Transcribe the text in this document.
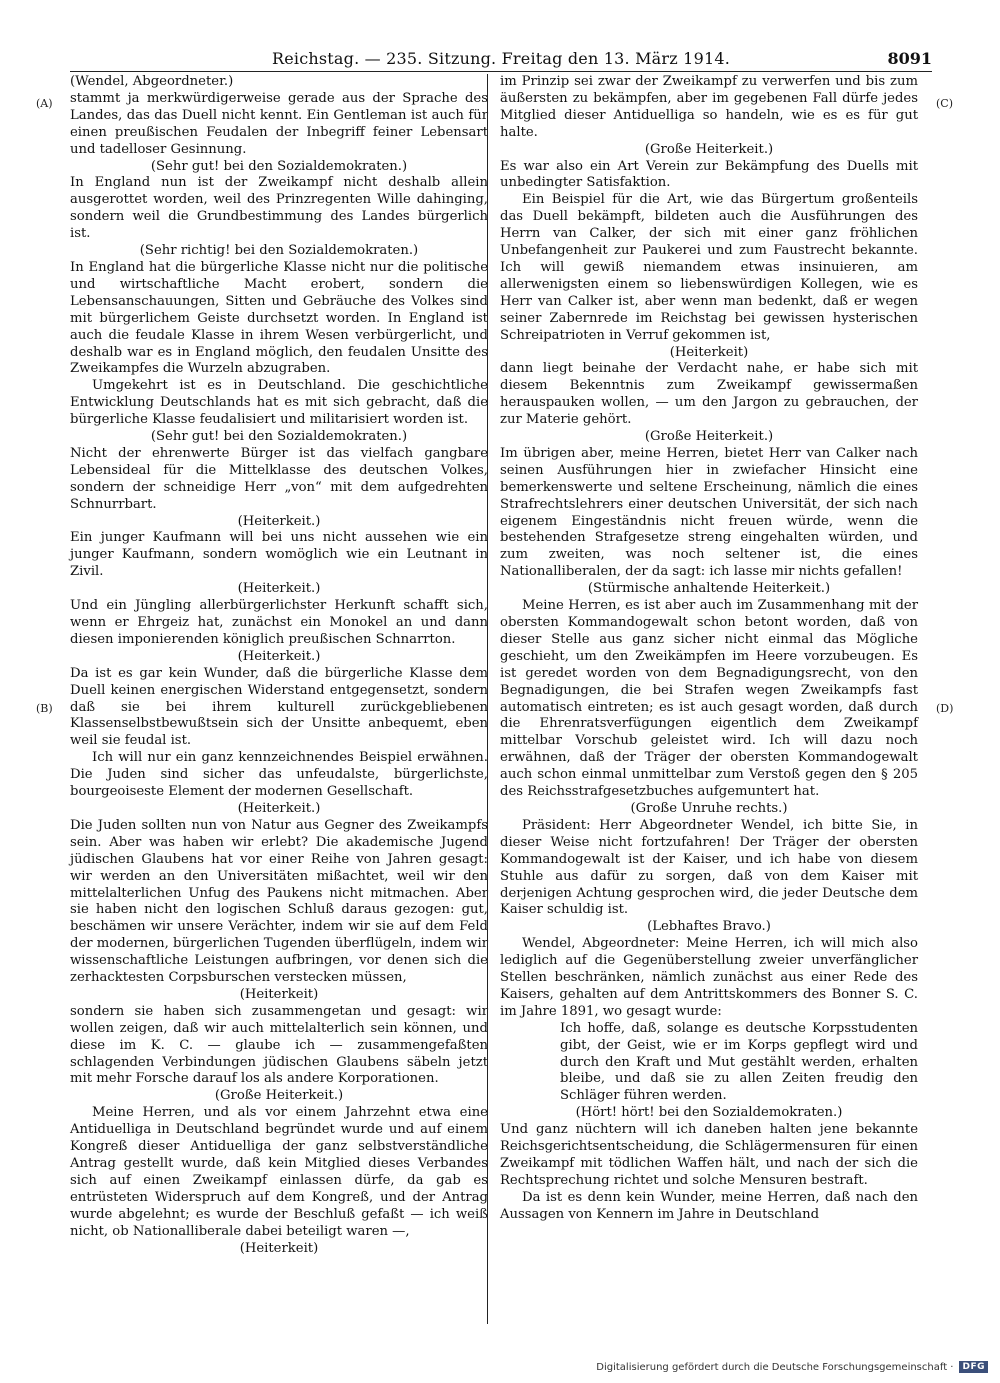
Reichstag. — 235. Sitzung. Freitag den 13. März 1914.	8091

(Wendel, Abgeordneter.)

stammt ja merkwürdigerweise gerade aus der Sprache des Landes, das das Duell nicht kennt. Ein Gentleman ist auch für einen preußischen Feudalen der Inbegriff feiner Lebensart und tadelloser Gesinnung.

(Sehr gut! bei den Sozialdemokraten.)

In England nun ist der Zweikampf nicht deshalb allein ausgerottet worden, weil des Prinzregenten Wille dahinging, sondern weil die Grundbestimmung des Landes bürgerlich ist.

(Sehr richtig! bei den Sozialdemokraten.)

In England hat die bürgerliche Klasse nicht nur die politische und wirtschaftliche Macht erobert, sondern die Lebensanschauungen, Sitten und Gebräuche des Volkes sind mit bürgerlichem Geiste durchsetzt worden. In England ist auch die feudale Klasse in ihrem Wesen verbürgerlicht, und deshalb war es in England möglich, den feudalen Unsitte des Zweikampfes die Wurzeln abzugraben.

Umgekehrt ist es in Deutschland. Die geschichtliche Entwicklung Deutschlands hat es mit sich gebracht, daß die bürgerliche Klasse feudalisiert und militarisiert worden ist.

(Sehr gut! bei den Sozialdemokraten.)

Nicht der ehrenwerte Bürger ist das vielfach gangbare Lebensideal für die Mittelklasse des deutschen Volkes, sondern der schneidige Herr „von“ mit dem aufgedrehten Schnurrbart.

(Heiterkeit.)

Ein junger Kaufmann will bei uns nicht aussehen wie ein junger Kaufmann, sondern womöglich wie ein Leutnant in Zivil.

(Heiterkeit.)

Und ein Jüngling allerbürgerlichster Herkunft schafft sich, wenn er Ehrgeiz hat, zunächst ein Monokel an und dann diesen imponierenden königlich preußischen Schnarrton.

(Heiterkeit.)

Da ist es gar kein Wunder, daß die bürgerliche Klasse dem Duell keinen energischen Widerstand entgegensetzt, sondern daß sie bei ihrem kulturell zurückgebliebenen Klassenselbstbewußtsein sich der Unsitte anbequemt, eben weil sie feudal ist.

Ich will nur ein ganz kennzeichnendes Beispiel erwähnen. Die Juden sind sicher das unfeudalste, bürgerlichste, bourgeoiseste Element der modernen Gesellschaft.

(Heiterkeit.)

Die Juden sollten nun von Natur aus Gegner des Zweikampfs sein. Aber was haben wir erlebt? Die akademische Jugend jüdischen Glaubens hat vor einer Reihe von Jahren gesagt: wir werden an den Universitäten mißachtet, weil wir den mittelalterlichen Unfug des Paukens nicht mitmachen. Aber sie haben nicht den logischen Schluß daraus gezogen: gut, beschämen wir unsere Verächter, indem wir sie auf dem Feld der modernen, bürgerlichen Tugenden überflügeln, indem wir wissenschaftliche Leistungen aufbringen, vor denen sich die zerhacktesten Corpsburschen verstecken müssen,

(Heiterkeit)

sondern sie haben sich zusammengetan und gesagt: wir wollen zeigen, daß wir auch mittelalterlich sein können, und diese im K. C. — glaube ich — zusammengefaßten schlagenden Verbindungen jüdischen Glaubens säbeln jetzt mit mehr Forsche darauf los als andere Korporationen.

(Große Heiterkeit.)

Meine Herren, und als vor einem Jahrzehnt etwa eine Antiduelliga in Deutschland begründet wurde und auf einem Kongreß dieser Antiduelliga der ganz selbstverständliche Antrag gestellt wurde, daß kein Mitglied dieses Verbandes sich auf einen Zweikampf einlassen dürfe, da gab es entrüsteten Widerspruch auf dem Kongreß, und der Antrag wurde abgelehnt; es wurde der Beschluß gefaßt — ich weiß nicht, ob Nationalliberale dabei beteiligt waren —,

(Heiterkeit)

im Prinzip sei zwar der Zweikampf zu verwerfen und bis zum äußersten zu bekämpfen, aber im gegebenen Fall dürfe jedes Mitglied dieser Antiduelliga so handeln, wie es es für gut halte.

(Große Heiterkeit.)

Es war also ein Art Verein zur Bekämpfung des Duells mit unbedingter Satisfaktion.

Ein Beispiel für die Art, wie das Bürgertum großenteils das Duell bekämpft, bildeten auch die Ausführungen des Herrn van Calker, der sich mit einer ganz fröhlichen Unbefangenheit zur Paukerei und zum Faustrecht bekannte. Ich will gewiß niemandem etwas insinuieren, am allerwenigsten einem so liebenswürdigen Kollegen, wie es Herr van Calker ist, aber wenn man bedenkt, daß er wegen seiner Zabernrede im Reichstag bei gewissen hysterischen Schreipatrioten in Verruf gekommen ist,

(Heiterkeit)

dann liegt beinahe der Verdacht nahe, er habe sich mit diesem Bekenntnis zum Zweikampf gewissermaßen herauspauken wollen, — um den Jargon zu gebrauchen, der zur Materie gehört.

(Große Heiterkeit.)

Im übrigen aber, meine Herren, bietet Herr van Calker nach seinen Ausführungen hier in zwiefacher Hinsicht eine bemerkenswerte und seltene Erscheinung, nämlich die eines Strafrechtslehrers einer deutschen Universität, der sich nach eigenem Eingeständnis nicht freuen würde, wenn die bestehenden Strafgesetze streng eingehalten würden, und zum zweiten, was noch seltener ist, die eines Nationalliberalen, der da sagt: ich lasse mir nichts gefallen!

(Stürmische anhaltende Heiterkeit.)

Meine Herren, es ist aber auch im Zusammenhang mit der obersten Kommandogewalt schon betont worden, daß von dieser Stelle aus ganz sicher nicht einmal das Mögliche geschieht, um den Zweikämpfen im Heere vorzubeugen. Es ist geredet worden von dem Begnadigungsrecht, von den Begnadigungen, die bei Strafen wegen Zweikampfs fast automatisch eintreten; es ist auch gesagt worden, daß durch die Ehrenratsverfügungen eigentlich dem Zweikampf mittelbar Vorschub geleistet wird. Ich will dazu noch erwähnen, daß der Träger der obersten Kommandogewalt auch schon einmal unmittelbar zum Verstoß gegen den § 205 des Reichsstrafgesetzbuches aufgemuntert hat.

(Große Unruhe rechts.)

Präsident: Herr Abgeordneter Wendel, ich bitte Sie, in dieser Weise nicht fortzufahren! Der Träger der obersten Kommandogewalt ist der Kaiser, und ich habe von diesem Stuhle aus dafür zu sorgen, daß von dem Kaiser mit derjenigen Achtung gesprochen wird, die jeder Deutsche dem Kaiser schuldig ist.

(Lebhaftes Bravo.)

Wendel, Abgeordneter: Meine Herren, ich will mich also lediglich auf die Gegenüberstellung zweier unverfänglicher Stellen beschränken, nämlich zunächst aus einer Rede des Kaisers, gehalten auf dem Antrittskommers des Bonner S. C. im Jahre 1891, wo gesagt wurde:

Ich hoffe, daß, solange es deutsche Korpsstudenten gibt, der Geist, wie er im Korps gepflegt wird und durch den Kraft und Mut gestählt werden, erhalten bleibe, und daß sie zu allen Zeiten freudig den Schläger führen werden.

(Hört! hört! bei den Sozialdemokraten.)

Und ganz nüchtern will ich daneben halten jene bekannte Reichsgerichtsentscheidung, die Schlägermensuren für einen Zweikampf mit tödlichen Waffen hält, und nach der sich die Rechtsprechung richtet und solche Mensuren bestraft.

Da ist es denn kein Wunder, meine Herren, daß nach den Aussagen von Kennern im Jahre in Deutschland

(A)
(B)
(C)
(D)
Digitalisierung gefördert durch die Deutsche Forschungsgemeinschaft ·	DFG
